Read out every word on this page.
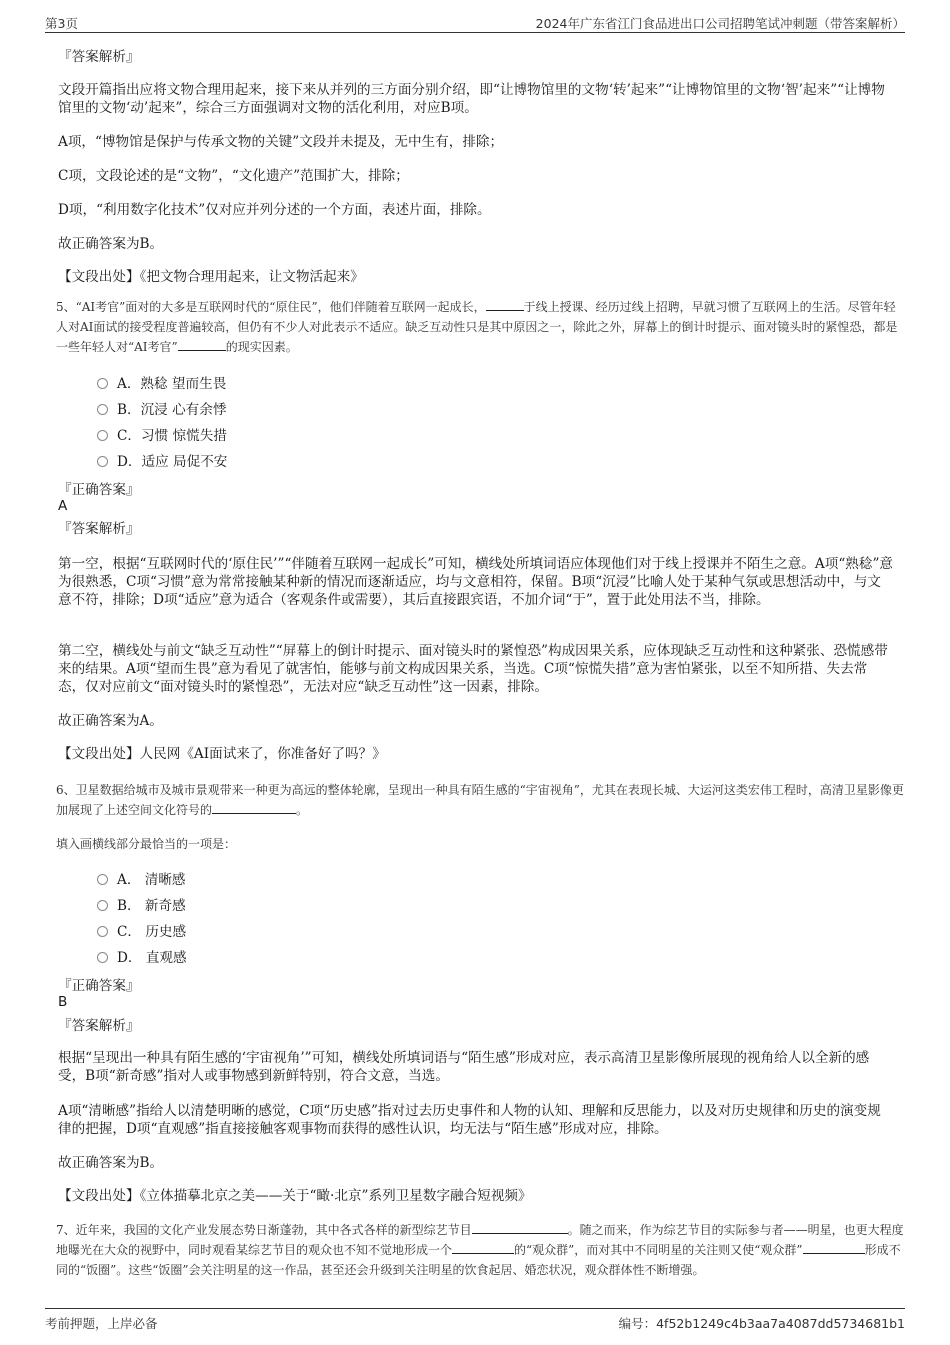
第3页	2024年广东省江门食品进出口公司招聘笔试冲刺题（带答案解析）
『答案解析』
文段开篇指出应将文物合理用起来，接下来从并列的三方面分别介绍，即“让博物馆里的文物‘转’起来”“让博物馆里的文物‘智’起来”“让博物馆里的文物‘动’起来”，综合三方面强调对文物的活化利用，对应B项。
A项，“博物馆是保护与传承文物的关键”文段并未提及，无中生有，排除；
C项，文段论述的是“文物”，“文化遗产”范围扩大，排除；
D项，“利用数字化技术”仅对应并列分述的一个方面，表述片面，排除。
故正确答案为B。
【文段出处】《把文物合理用起来，让文物活起来》
5、“AI考官”面对的大多是互联网时代的“原住民”，他们伴随着互联网一起成长，	于线上授课、经历过线上招聘，早就习惯了互联网上的生活。尽管年轻人对AI面试的接受程度普遍较高，但仍有不少人对此表示不适应。缺乏互动性只是其中原因之一，除此之外，屏幕上的倒计时提示、面对镜头时的紧惶恐，都是一些年轻人对“AI考官”	的现实因素。
A．熟稔 望而生畏
B．沉浸 心有余悸
C．习惯 惊慌失措
D．适应 局促不安
『正确答案』
A
『答案解析』
第一空，根据“互联网时代的‘原住民’”“伴随着互联网一起成长”可知，横线处所填词语应体现他们对于线上授课并不陌生之意。A项“熟稔”意为很熟悉，C项“习惯”意为常常接触某种新的情况而逐渐适应，均与文意相符，保留。B项“沉浸”比喻人处于某种气氛或思想活动中，与文意不符，排除；D项“适应”意为适合（客观条件或需要），其后直接跟宾语，不加介词“于”，置于此处用法不当，排除。
第二空，横线处与前文“缺乏互动性”“屏幕上的倒计时提示、面对镜头时的紧惶恐”构成因果关系，应体现缺乏互动性和这种紧张、恐慌感带来的结果。A项“望而生畏”意为看见了就害怕，能够与前文构成因果关系，当选。C项“惊慌失措”意为害怕紧张，以至不知所措、失去常态，仅对应前文“面对镜头时的紧惶恐”，无法对应“缺乏互动性”这一因素，排除。
故正确答案为A。
【文段出处】人民网《AI面试来了，你准备好了吗？》
6、卫星数据给城市及城市景观带来一种更为高远的整体轮廓，呈现出一种具有陌生感的“宇宙视角”，尤其在表现长城、大运河这类宏伟工程时，高清卫星影像更加展现了上述空间文化符号的	。
填入画横线部分最恰当的一项是：
A． 清晰感
B． 新奇感
C． 历史感
D． 直观感
『正确答案』
B
『答案解析』
根据“呈现出一种具有陌生感的‘宇宙视角’”可知，横线处所填词语与“陌生感”形成对应，表示高清卫星影像所展现的视角给人以全新的感受，B项“新奇感”指对人或事物感到新鲜特别，符合文意，当选。
A项“清晰感”指给人以清楚明晰的感觉，C项“历史感”指对过去历史事件和人物的认知、理解和反思能力，以及对历史规律和历史的演变规律的把握，D项“直观感”指直接接触客观事物而获得的感性认识，均无法与“陌生感”形成对应，排除。
故正确答案为B。
【文段出处】《立体描摹北京之美——关于“瞰·北京”系列卫星数字融合短视频》
7、近年来，我国的文化产业发展态势日渐蓬勃，其中各式各样的新型综艺节目	。随之而来，作为综艺节目的实际参与者——明星，也更大程度地曝光在大众的视野中，同时观看某综艺节目的观众也不知不觉地形成一个	的“观众群”，而对其中不同明星的关注则又使“观众群”	形成不同的“饭圈”。这些“饭圈”会关注明星的这一作品，甚至还会升级到关注明星的饮食起居、婚恋状况，观众群体性不断增强。
考前押题，上岸必备	编号：4f52b1249c4b3aa7a4087dd5734681b1
